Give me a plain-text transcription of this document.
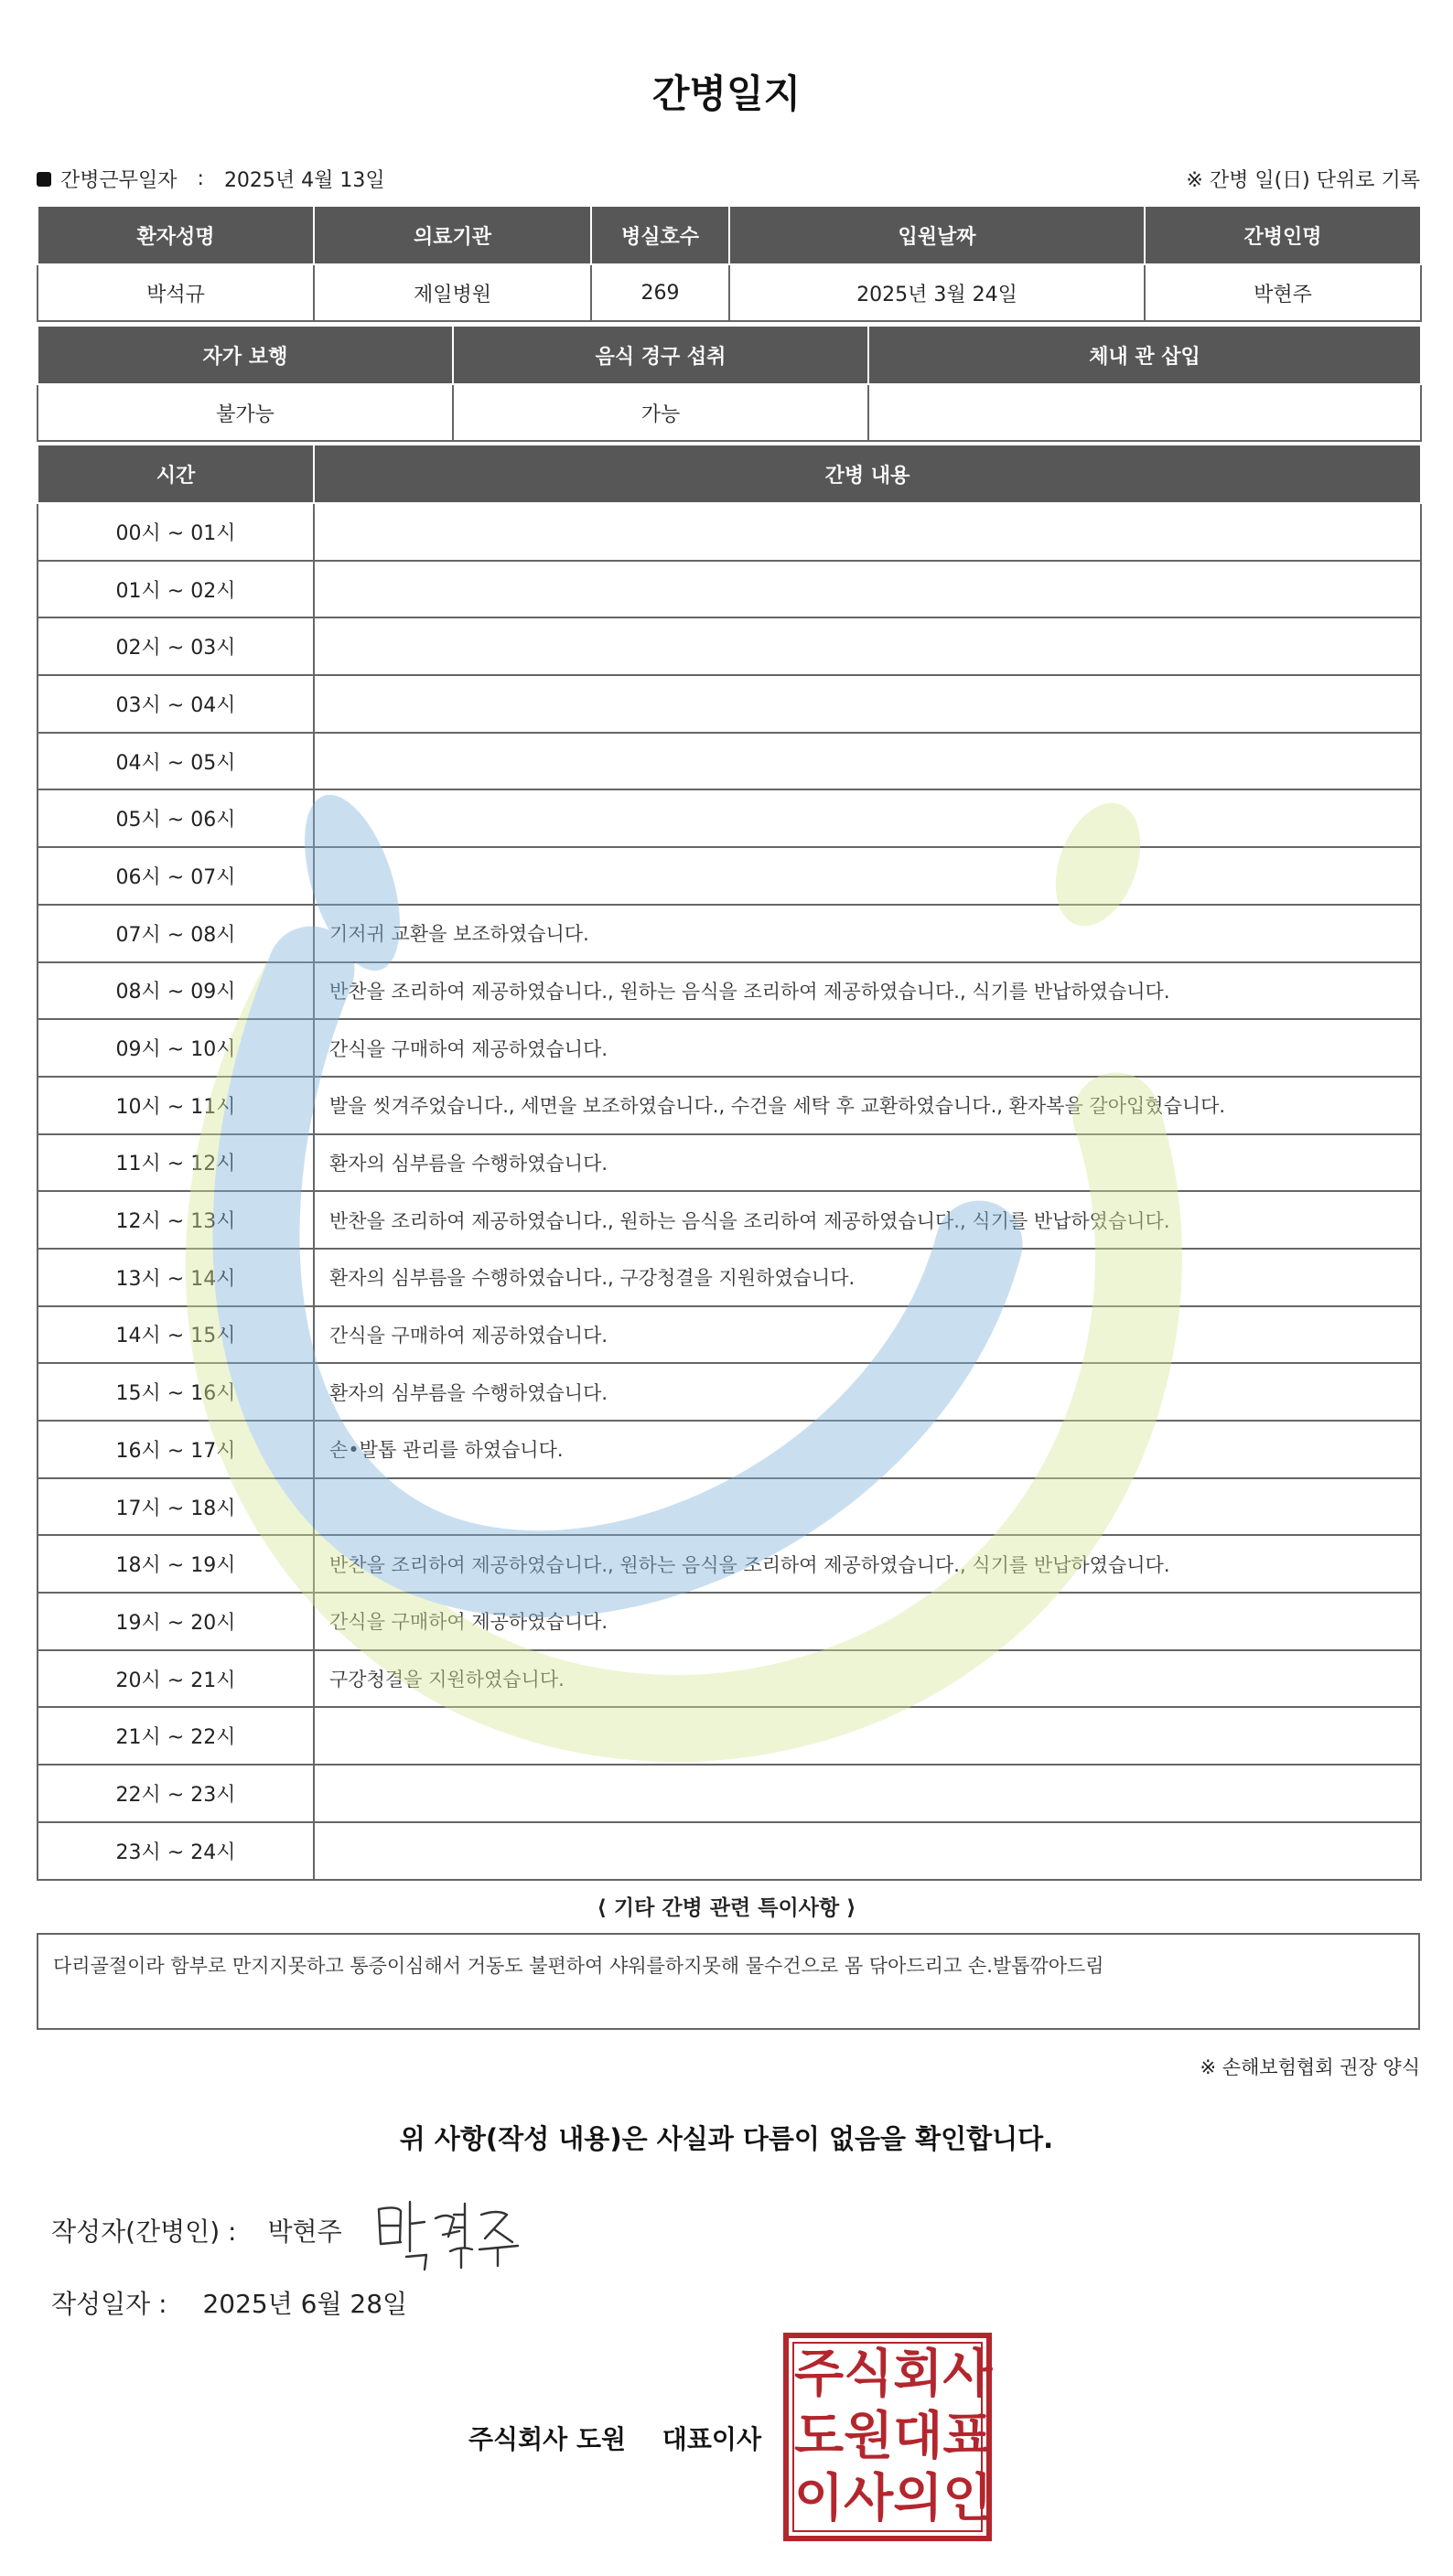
간병일지
간병근무일자 : 2025년 4월 13일	※ 간병 일(日) 단위로 기록
환자성명	의료기관	병실호수	입원날짜	간병인명
박석규	제일병원	269	2025년 3월 24일	박현주
자가 보행	음식 경구 섭취	체내 관 삽입
불가능	가능	
시간	간병 내용
00시 ~ 01시	
01시 ~ 02시	
02시 ~ 03시	
03시 ~ 04시	
04시 ~ 05시	
05시 ~ 06시	
06시 ~ 07시	
07시 ~ 08시	기저귀 교환을 보조하였습니다.
08시 ~ 09시	반찬을 조리하여 제공하였습니다., 원하는 음식을 조리하여 제공하였습니다., 식기를 반납하였습니다.
09시 ~ 10시	간식을 구매하여 제공하였습니다.
10시 ~ 11시	발을 씻겨주었습니다., 세면을 보조하였습니다., 수건을 세탁 후 교환하였습니다., 환자복을 갈아입혔습니다.
11시 ~ 12시	환자의 심부름을 수행하였습니다.
12시 ~ 13시	반찬을 조리하여 제공하였습니다., 원하는 음식을 조리하여 제공하였습니다., 식기를 반납하였습니다.
13시 ~ 14시	환자의 심부름을 수행하였습니다., 구강청결을 지원하였습니다.
14시 ~ 15시	간식을 구매하여 제공하였습니다.
15시 ~ 16시	환자의 심부름을 수행하였습니다.
16시 ~ 17시	손•발톱 관리를 하였습니다.
17시 ~ 18시	
18시 ~ 19시	반찬을 조리하여 제공하였습니다., 원하는 음식을 조리하여 제공하였습니다., 식기를 반납하였습니다.
19시 ~ 20시	간식을 구매하여 제공하였습니다.
20시 ~ 21시	구강청결을 지원하였습니다.
21시 ~ 22시	
22시 ~ 23시	
23시 ~ 24시	
⟨ 기타 간병 관련 특이사항 ⟩
다리골절이라 함부로 만지지못하고 통증이심해서 거동도 불편하여 샤워를하지못해 물수건으로 몸 닦아드리고 손.발톱깎아드림
※ 손해보험협회 권장 양식
위 사항(작성 내용)은 사실과 다름이 없음을 확인합니다.
작성자(간병인) : 박현주
작성일자 : 2025년 6월 28일
주식회사 도원 대표이사
주 식 회 사
도 원 대 표
이 사 의 인
